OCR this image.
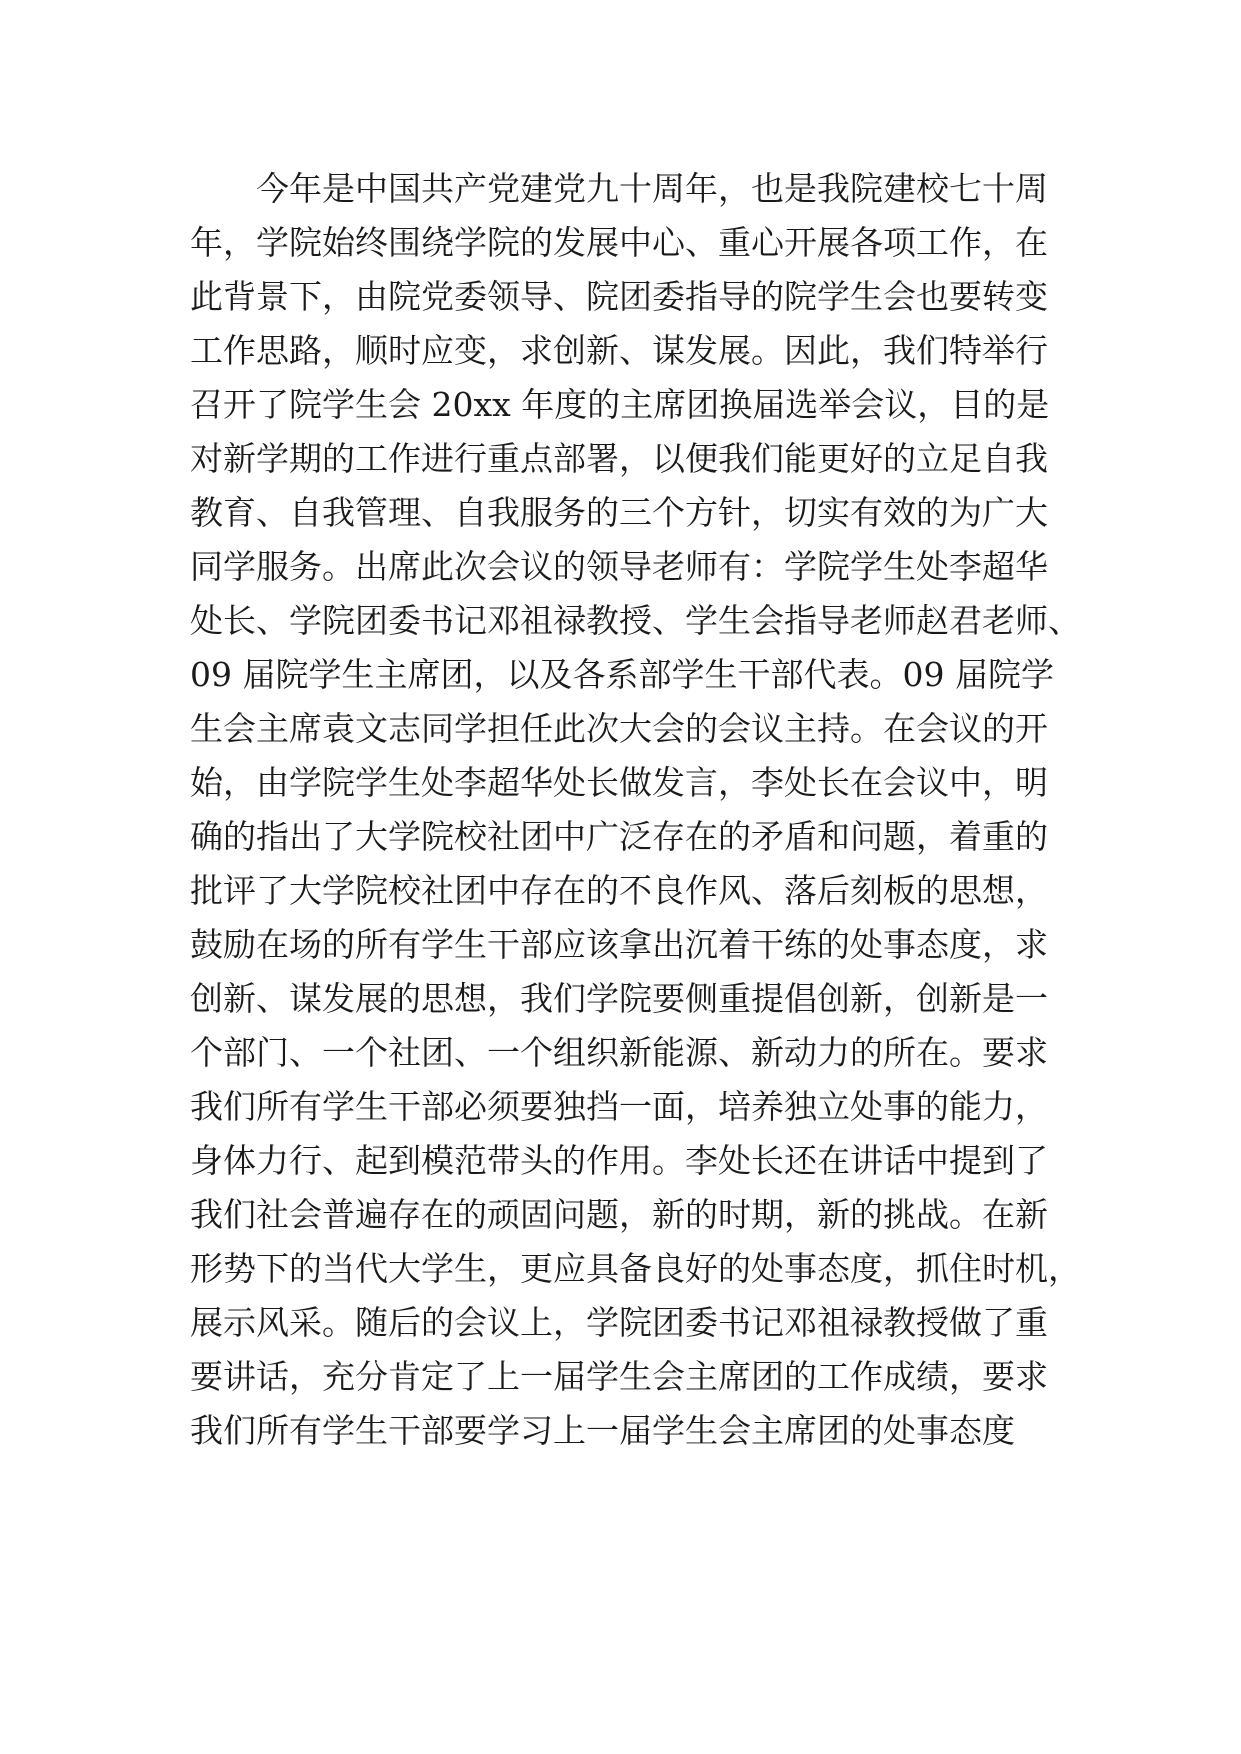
今年是中国共产党建党九十周年，也是我院建校七十周
年，学院始终围绕学院的发展中心、重心开展各项工作，在
此背景下，由院党委领导、院团委指导的院学生会也要转变
工作思路，顺时应变，求创新、谋发展。因此，我们特举行
召开了院学生会 20xx 年度的主席团换届选举会议，目的是
对新学期的工作进行重点部署，以便我们能更好的立足自我
教育、自我管理、自我服务的三个方针，切实有效的为广大
同学服务。出席此次会议的领导老师有：学院学生处李超华
处长、学院团委书记邓祖禄教授、学生会指导老师赵君老师、
09 届院学生主席团，以及各系部学生干部代表。09 届院学
生会主席袁文志同学担任此次大会的会议主持。在会议的开
始，由学院学生处李超华处长做发言，李处长在会议中，明
确的指出了大学院校社团中广泛存在的矛盾和问题，着重的
批评了大学院校社团中存在的不良作风、落后刻板的思想，
鼓励在场的所有学生干部应该拿出沉着干练的处事态度，求
创新、谋发展的思想，我们学院要侧重提倡创新，创新是一
个部门、一个社团、一个组织新能源、新动力的所在。要求
我们所有学生干部必须要独挡一面，培养独立处事的能力，
身体力行、起到模范带头的作用。李处长还在讲话中提到了
我们社会普遍存在的顽固问题，新的时期，新的挑战。在新
形势下的当代大学生，更应具备良好的处事态度，抓住时机，
展示风采。随后的会议上，学院团委书记邓祖禄教授做了重
要讲话，充分肯定了上一届学生会主席团的工作成绩，要求
我们所有学生干部要学习上一届学生会主席团的处事态度
